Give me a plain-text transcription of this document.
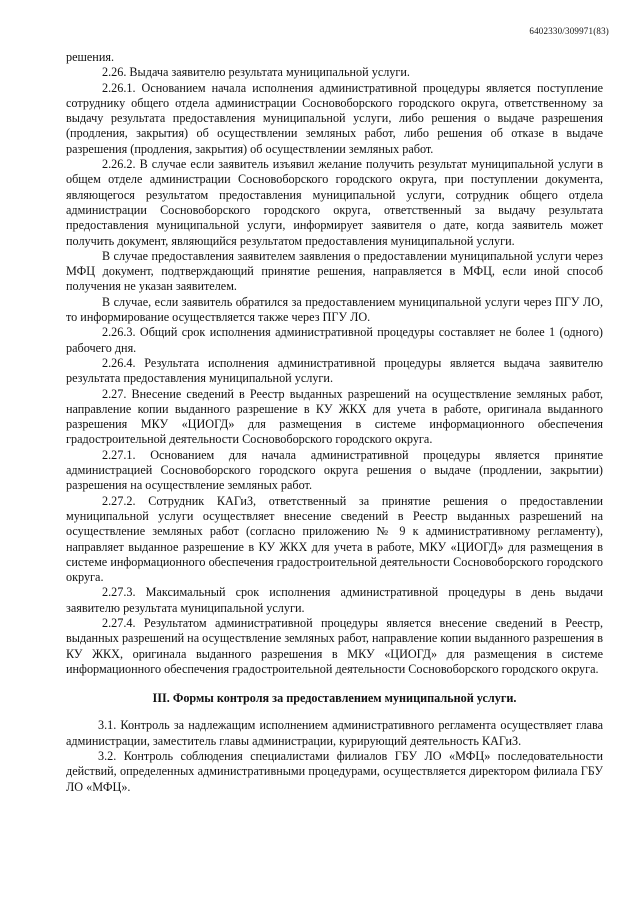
6402330/309971(83)

решения.

2.26. Выдача заявителю результата муниципальной услуги.

2.26.1. Основанием начала исполнения административной процедуры является поступление сотруднику общего отдела администрации Сосновоборского городского округа, ответственному за выдачу результата предоставления муниципальной услуги, либо решения о выдаче разрешения (продления, закрытия) об осуществлении земляных работ, либо решения об отказе в выдаче разрешения (продления, закрытия) об осуществлении земляных работ.

2.26.2. В случае если заявитель изъявил желание получить результат муниципальной услуги в общем отделе администрации Сосновоборского городского округа, при поступлении документа, являющегося результатом предоставления муниципальной услуги, сотрудник общего отдела администрации Сосновоборского городского округа, ответственный за выдачу результата предоставления муниципальной услуги, информирует заявителя о дате, когда заявитель может получить документ, являющийся результатом предоставления муниципальной услуги.

В случае предоставления заявителем заявления о предоставлении муниципальной услуги через МФЦ документ, подтверждающий принятие решения, направляется в МФЦ, если иной способ получения не указан заявителем.

В случае, если заявитель обратился за предоставлением муниципальной услуги через ПГУ ЛО, то информирование осуществляется также через ПГУ ЛО.

2.26.3. Общий срок исполнения административной процедуры составляет не более 1 (одного) рабочего дня.

2.26.4. Результата исполнения административной процедуры является выдача заявителю результата предоставления муниципальной услуги.

2.27. Внесение сведений в Реестр выданных разрешений на осуществление земляных работ, направление копии выданного разрешение в КУ ЖКХ для учета в работе, оригинала выданного разрешения МКУ «ЦИОГД» для размещения в системе информационного обеспечения градостроительной деятельности Сосновоборского городского округа.

2.27.1. Основанием для начала административной процедуры является принятие администрацией Сосновоборского городского округа решения о выдаче (продлении, закрытии) разрешения на осуществление земляных работ.

2.27.2. Сотрудник КАГиЗ, ответственный за принятие решения о предоставлении муниципальной услуги осуществляет внесение сведений в Реестр выданных разрешений на осуществление земляных работ (согласно приложению № 9 к административному регламенту), направляет выданное разрешение в КУ ЖКХ для учета в работе, МКУ «ЦИОГД» для размещения в системе информационного обеспечения градостроительной деятельности Сосновоборского городского округа.

2.27.3. Максимальный срок исполнения административной процедуры в день выдачи заявителю результата муниципальной услуги.

2.27.4. Результатом административной процедуры является внесение сведений в Реестр, выданных разрешений на осуществление земляных работ, направление копии выданного разрешения в КУ ЖКХ, оригинала выданного разрешения в МКУ «ЦИОГД» для размещения в системе информационного обеспечения градостроительной деятельности Сосновоборского городского округа.

III. Формы контроля за предоставлением муниципальной услуги.

3.1. Контроль за надлежащим исполнением административного регламента осуществляет глава администрации, заместитель главы администрации, курирующий деятельность КАГиЗ.

3.2. Контроль соблюдения специалистами филиалов ГБУ ЛО «МФЦ» последовательности действий, определенных административными процедурами, осуществляется директором филиала ГБУ ЛО «МФЦ».
